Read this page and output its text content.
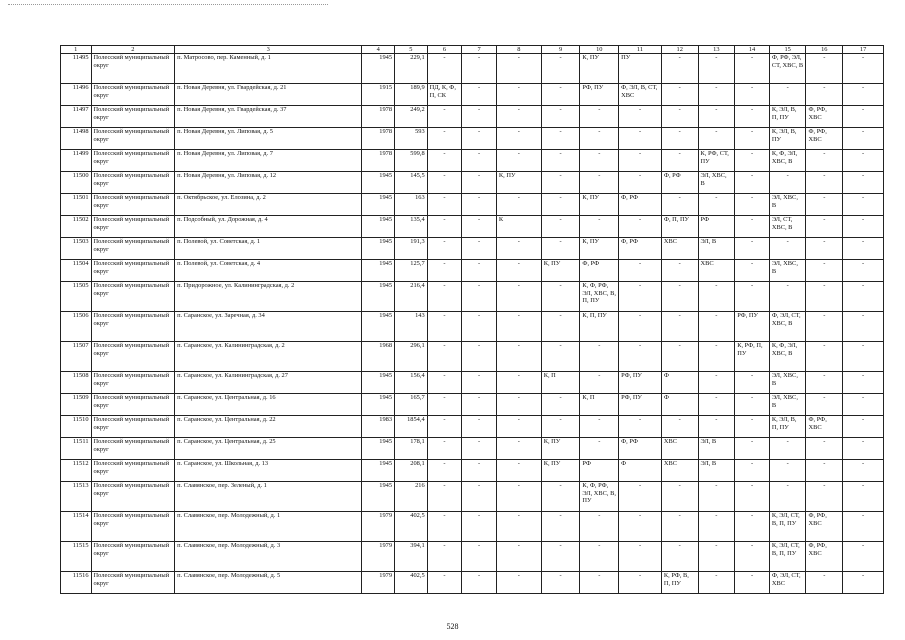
1	2	3	4	5	6	7	8	9	10	11	12	13	14	15	16	17
11495	Полесский муниципальный округ	п. Матросово, пер. Каменный, д. 1	1945	229,1	-	-	-	-	К, ПУ	ПУ	-	-	-	Ф, РФ, ЭЛ, СТ, ХВС, В	-	-
11496	Полесский муниципальный округ	п. Новая Деревня, ул. Гвардейская, д. 21	1915	189,9	ПД, К, Ф, П, СК	-	-	-	РФ, ПУ	Ф, ЭЛ, В, СТ, ХВС	-	-	-	-	-	-
11497	Полесский муниципальный округ	п. Новая Деревня, ул. Гвардейская, д. 37	1978	249,2	-	-	-	-	-	-	-	-	-	К, ЭЛ, В, П, ПУ	Ф, РФ, ХВС	-
11498	Полесский муниципальный округ	п. Новая Деревня, ул. Липовая, д. 5	1978	593	-	-	-	-	-	-	-	-	-	К, ЭЛ, В, ПУ	Ф, РФ, ХВС	-
11499	Полесский муниципальный округ	п. Новая Деревня, ул. Липовая, д. 7	1978	599,8	-	-	-	-	-	-	-	К, РФ, СТ, ПУ	-	К, Ф, ЭЛ, ХВС, В	-	-
11500	Полесский муниципальный округ	п. Новая Деревня, ул. Липовая, д. 12	1945	145,5	-	-	К, ПУ	-	-	-	Ф, РФ	ЭЛ, ХВС, В	-	-	-	-
11501	Полесский муниципальный округ	п. Октябрьское, ул. Елозина, д. 2	1945	163	-	-	-	-	К, ПУ	Ф, РФ	-	-	-	ЭЛ, ХВС, В	-	-
11502	Полесский муниципальный округ	п. Подсобный, ул. Дорожная, д. 4	1945	135,4	-	-	К	-	-	-	Ф, П, ПУ	РФ	-	ЭЛ, СТ, ХВС, В	-	-
11503	Полесский муниципальный округ	п. Полевой, ул. Советская, д. 1	1945	191,3	-	-	-	-	К, ПУ	Ф, РФ	ХВС	ЭЛ, В	-	-	-	-
11504	Полесский муниципальный округ	п. Полевой, ул. Советская, д. 4	1945	125,7	-	-	-	К, ПУ	Ф, РФ	-	-	ХВС	-	ЭЛ, ХВС, В	-	-
11505	Полесский муниципальный округ	п. Придорожное, ул. Калининградская, д. 2	1945	216,4	-	-	-	-	К, Ф, РФ, ЭЛ, ХВС, В, П, ПУ	-	-	-	-	-	-	-
11506	Полесский муниципальный округ	п. Саранское, ул. Заречная, д. 34	1945	143	-	-	-	-	К, П, ПУ	-	-	-	РФ, ПУ	Ф, ЭЛ, СТ, ХВС, В	-	-
11507	Полесский муниципальный округ	п. Саранское, ул. Калининградская, д. 2	1968	296,1	-	-	-	-	-	-	-	-	К, РФ, П, ПУ	К, Ф, ЭЛ, ХВС, В	-	-
11508	Полесский муниципальный округ	п. Саранское, ул. Калининградская, д. 27	1945	156,4	-	-	-	К, П	-	РФ, ПУ	Ф	-	-	ЭЛ, ХВС, В	-	-
11509	Полесский муниципальный округ	п. Саранское, ул. Центральная, д. 16	1945	165,7	-	-	-	-	К, П	РФ, ПУ	Ф	-	-	ЭЛ, ХВС, В	-	-
11510	Полесский муниципальный округ	п. Саранское, ул. Центральная, д. 22	1983	1854,4	-	-	-	-	-	-	-	-	-	К, ЭЛ, В, П, ПУ	Ф, РФ, ХВС	-
11511	Полесский муниципальный округ	п. Саранское, ул. Центральная, д. 25	1945	178,1	-	-	-	К, ПУ	-	Ф, РФ	ХВС	ЭЛ, В	-	-	-	-
11512	Полесский муниципальный округ	п. Саранское, ул. Школьная, д. 13	1945	208,1	-	-	-	К, ПУ	РФ	Ф	ХВС	ЭЛ, В	-	-	-	-
11513	Полесский муниципальный округ	п. Славянское, пер. Зеленый, д. 1	1945	216	-	-	-	-	К, Ф, РФ, ЭЛ, ХВС, В, ПУ	-	-	-	-	-	-	-
11514	Полесский муниципальный округ	п. Славянское, пер. Молодежный, д. 1	1979	402,5	-	-	-	-	-	-	-	-	-	К, ЭЛ, СТ, В, П, ПУ	Ф, РФ, ХВС	-
11515	Полесский муниципальный округ	п. Славянское, пер. Молодежный, д. 3	1979	394,1	-	-	-	-	-	-	-	-	-	К, ЭЛ, СТ, В, П, ПУ	Ф, РФ, ХВС	-
11516	Полесский муниципальный округ	п. Славянское, пер. Молодежный, д. 5	1979	402,5	-	-	-	-	-	-	К, РФ, В, П, ПУ	-	-	Ф, ЭЛ, СТ, ХВС	-	-
528
